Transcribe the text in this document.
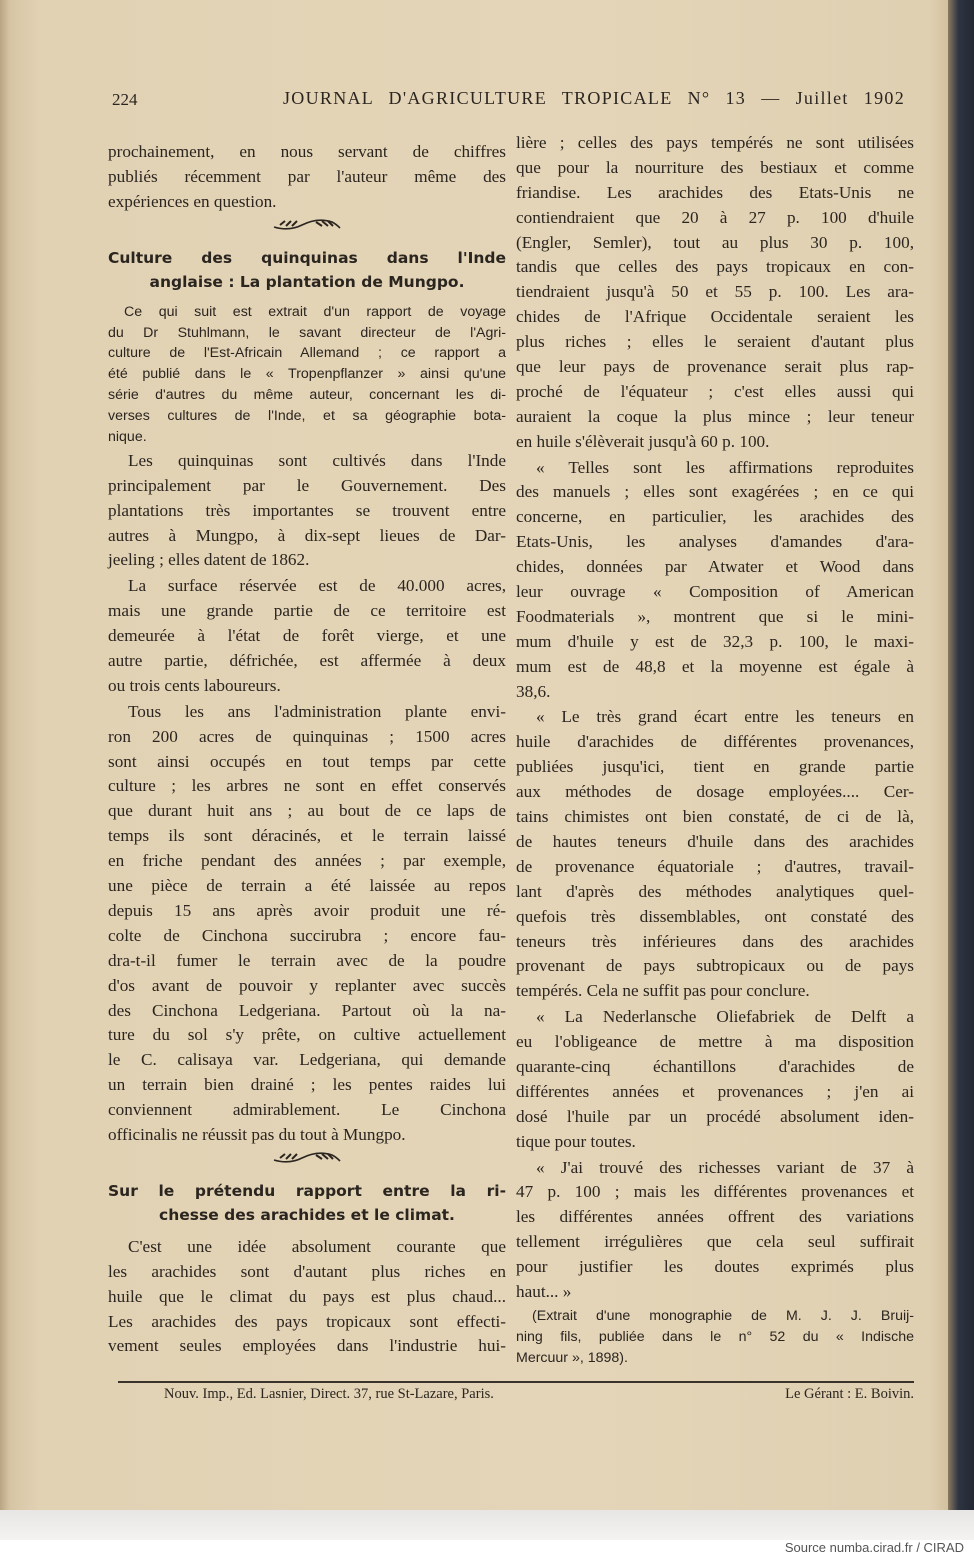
224	JOURNAL D'AGRICULTURE TROPICALE N° 13 — Juillet 1902
prochainement, en nous servant de chiffres
publiés récemment par l'auteur même des
expériences en question.
Culture des quinquinas dans l'Inde
anglaise : La plantation de Mungpo.
Ce qui suit est extrait d'un rapport de voyage
du Dr Stuhlmann, le savant directeur de l'Agri-
culture de l'Est-Africain Allemand ; ce rapport a
été publié dans le « Tropenpflanzer » ainsi qu'une
série d'autres du même auteur, concernant les di-
verses cultures de l'Inde, et sa géographie bota-
nique.
Les quinquinas sont cultivés dans l'Inde
principalement par le Gouvernement. Des
plantations très importantes se trouvent entre
autres à Mungpo, à dix-sept lieues de Dar-
jeeling ; elles datent de 1862.
La surface réservée est de 40.000 acres,
mais une grande partie de ce territoire est
demeurée à l'état de forêt vierge, et une
autre partie, défrichée, est affermée à deux
ou trois cents laboureurs.
Tous les ans l'administration plante envi-
ron 200 acres de quinquinas ; 1500 acres
sont ainsi occupés en tout temps par cette
culture ; les arbres ne sont en effet conservés
que durant huit ans ; au bout de ce laps de
temps ils sont déracinés, et le terrain laissé
en friche pendant des années ; par exemple,
une pièce de terrain a été laissée au repos
depuis 15 ans après avoir produit une ré-
colte de Cinchona succirubra ; encore fau-
dra-t-il fumer le terrain avec de la poudre
d'os avant de pouvoir y replanter avec succès
des Cinchona Ledgeriana. Partout où la na-
ture du sol s'y prête, on cultive actuellement
le C. calisaya var. Ledgeriana, qui demande
un terrain bien drainé ; les pentes raides lui
conviennent admirablement. Le Cinchona
officinalis ne réussit pas du tout à Mungpo.
Sur le prétendu rapport entre la ri-
chesse des arachides et le climat.
C'est une idée absolument courante que
les arachides sont d'autant plus riches en
huile que le climat du pays est plus chaud...
Les arachides des pays tropicaux sont effecti-
vement seules employées dans l'industrie hui-
lière ; celles des pays tempérés ne sont utilisées
que pour la nourriture des bestiaux et comme
friandise. Les arachides des Etats-Unis ne
contiendraient que 20 à 27 p. 100 d'huile
(Engler, Semler), tout au plus 30 p. 100,
tandis que celles des pays tropicaux en con-
tiendraient jusqu'à 50 et 55 p. 100. Les ara-
chides de l'Afrique Occidentale seraient les
plus riches ; elles le seraient d'autant plus
que leur pays de provenance serait plus rap-
proché de l'équateur ; c'est elles aussi qui
auraient la coque la plus mince ; leur teneur
en huile s'élèverait jusqu'à 60 p. 100.
« Telles sont les affirmations reproduites
des manuels ; elles sont exagérées ; en ce qui
concerne, en particulier, les arachides des
Etats-Unis, les analyses d'amandes d'ara-
chides, données par Atwater et Wood dans
leur ouvrage « Composition of American
Foodmaterials », montrent que si le mini-
mum d'huile y est de 32,3 p. 100, le maxi-
mum est de 48,8 et la moyenne est égale à
38,6.
« Le très grand écart entre les teneurs en
huile d'arachides de différentes provenances,
publiées jusqu'ici, tient en grande partie
aux méthodes de dosage employées.... Cer-
tains chimistes ont bien constaté, de ci de là,
de hautes teneurs d'huile dans des arachides
de provenance équatoriale ; d'autres, travail-
lant d'après des méthodes analytiques quel-
quefois très dissemblables, ont constaté des
teneurs très inférieures dans des arachides
provenant de pays subtropicaux ou de pays
tempérés. Cela ne suffit pas pour conclure.
« La Nederlansche Oliefabriek de Delft a
eu l'obligeance de mettre à ma disposition
quarante-cinq échantillons d'arachides de
différentes années et provenances ; j'en ai
dosé l'huile par un procédé absolument iden-
tique pour toutes.
« J'ai trouvé des richesses variant de 37 à
47 p. 100 ; mais les différentes provenances et
les différentes années offrent des variations
tellement irrégulières que cela seul suffirait
pour justifier les doutes exprimés plus
haut... »
(Extrait d'une monographie de M. J. J. Bruij-
ning fils, publiée dans le n° 52 du « Indische
Mercuur », 1898).
Nouv. Imp., Ed. Lasnier, Direct. 37, rue St-Lazare, Paris.	Le Gérant : E. Boivin.
Source numba.cirad.fr / CIRAD
